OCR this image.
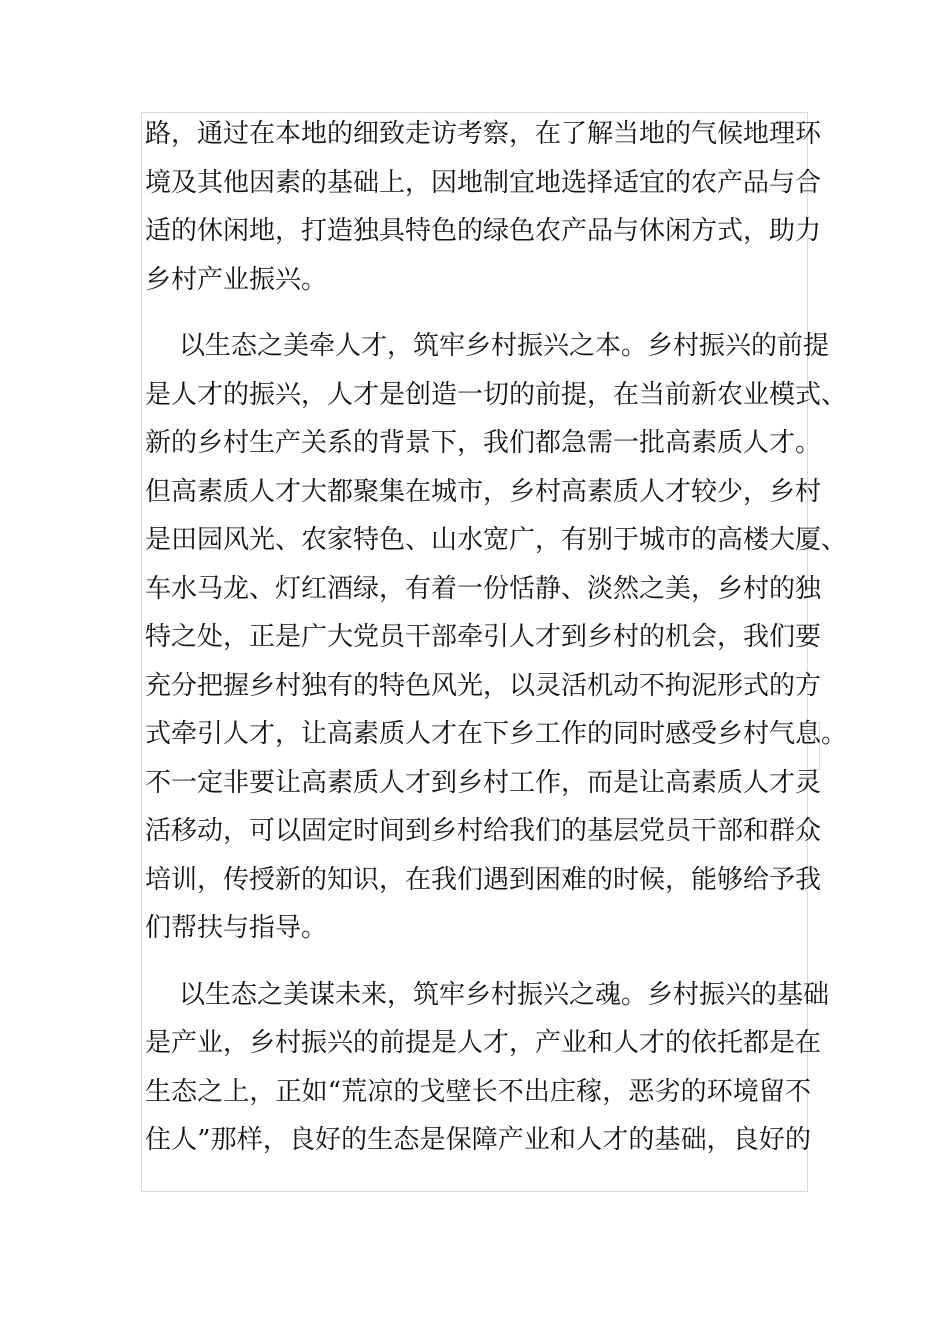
路，通过在本地的细致走访考察，在了解当地的气候地理环
境及其他因素的基础上，因地制宜地选择适宜的农产品与合
适的休闲地，打造独具特色的绿色农产品与休闲方式，助力
乡村产业振兴。
以生态之美牵人才，筑牢乡村振兴之本。乡村振兴的前提
是人才的振兴，人才是创造一切的前提，在当前新农业模式、
新的乡村生产关系的背景下，我们都急需一批高素质人才。
但高素质人才大都聚集在城市，乡村高素质人才较少，乡村
是田园风光、农家特色、山水宽广，有别于城市的高楼大厦、
车水马龙、灯红酒绿，有着一份恬静、淡然之美，乡村的独
特之处，正是广大党员干部牵引人才到乡村的机会，我们要
充分把握乡村独有的特色风光，以灵活机动不拘泥形式的方
式牵引人才，让高素质人才在下乡工作的同时感受乡村气息。
不一定非要让高素质人才到乡村工作，而是让高素质人才灵
活移动，可以固定时间到乡村给我们的基层党员干部和群众
培训，传授新的知识，在我们遇到困难的时候，能够给予我
们帮扶与指导。
以生态之美谋未来，筑牢乡村振兴之魂。乡村振兴的基础
是产业，乡村振兴的前提是人才，产业和人才的依托都是在
生态之上，正如“荒凉的戈壁长不出庄稼，恶劣的环境留不
住人”那样，良好的生态是保障产业和人才的基础，良好的
